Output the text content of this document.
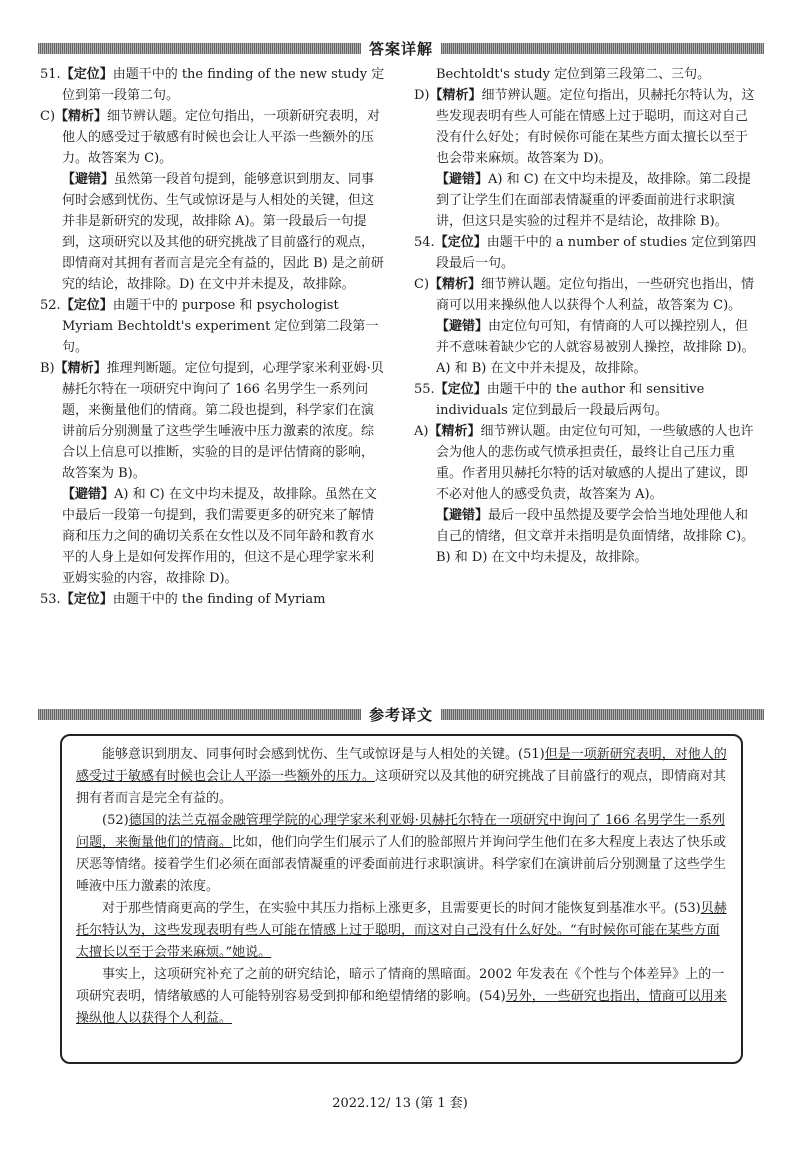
答案详解

51.【定位】由题干中的 the finding of the new study 定位到第一段第二句。

C)【精析】细节辨认题。定位句指出，一项新研究表明，对他人的感受过于敏感有时候也会让人平添一些额外的压力。故答案为 C)。

【避错】虽然第一段首句提到，能够意识到朋友、同事何时会感到忧伤、生气或惊讶是与人相处的关键，但这并非是新研究的发现，故排除 A)。第一段最后一句提到，这项研究以及其他的研究挑战了目前盛行的观点，即情商对其拥有者而言是完全有益的，因此 B) 是之前研究的结论，故排除。D) 在文中并未提及，故排除。

52.【定位】由题干中的 purpose 和 psychologist Myriam Bechtoldt's experiment 定位到第二段第一句。

B)【精析】推理判断题。定位句提到，心理学家米利亚姆·贝赫托尔特在一项研究中询问了 166 名男学生一系列问题，来衡量他们的情商。第二段也提到，科学家们在演讲前后分别测量了这些学生唾液中压力激素的浓度。综合以上信息可以推断，实验的目的是评估情商的影响，故答案为 B)。

【避错】A) 和 C) 在文中均未提及，故排除。虽然在文中最后一段第一句提到，我们需要更多的研究来了解情商和压力之间的确切关系在女性以及不同年龄和教育水平的人身上是如何发挥作用的，但这不是心理学家米利亚姆实验的内容，故排除 D)。

53.【定位】由题干中的 the finding of Myriam

Bechtoldt's study 定位到第三段第二、三句。

D)【精析】细节辨认题。定位句指出，贝赫托尔特认为，这些发现表明有些人可能在情感上过于聪明，而这对自己没有什么好处；有时候你可能在某些方面太擅长以至于也会带来麻烦。故答案为 D)。

【避错】A) 和 C) 在文中均未提及，故排除。第二段提到了让学生们在面部表情凝重的评委面前进行求职演讲，但这只是实验的过程并不是结论，故排除 B)。

54.【定位】由题干中的 a number of studies 定位到第四段最后一句。

C)【精析】细节辨认题。定位句指出，一些研究也指出，情商可以用来操纵他人以获得个人利益，故答案为 C)。

【避错】由定位句可知，有情商的人可以操控别人，但并不意味着缺少它的人就容易被别人操控，故排除 D)。A) 和 B) 在文中并未提及，故排除。

55.【定位】由题干中的 the author 和 sensitive individuals 定位到最后一段最后两句。

A)【精析】细节辨认题。由定位句可知，一些敏感的人也许会为他人的悲伤或气愤承担责任，最终让自己压力重重。作者用贝赫托尔特的话对敏感的人提出了建议，即不必对他人的感受负责，故答案为 A)。

【避错】最后一段中虽然提及要学会恰当地处理他人和自己的情绪，但文章并未指明是负面情绪，故排除 C)。B) 和 D) 在文中均未提及，故排除。

参考译文

能够意识到朋友、同事何时会感到忧伤、生气或惊讶是与人相处的关键。(51)但是一项新研究表明，对他人的感受过于敏感有时候也会让人平添一些额外的压力。这项研究以及其他的研究挑战了目前盛行的观点，即情商对其拥有者而言是完全有益的。

(52)德国的法兰克福金融管理学院的心理学家米利亚姆·贝赫托尔特在一项研究中询问了 166 名男学生一系列问题，来衡量他们的情商。比如，他们向学生们展示了人们的脸部照片并询问学生他们在多大程度上表达了快乐或厌恶等情绪。接着学生们必须在面部表情凝重的评委面前进行求职演讲。科学家们在演讲前后分别测量了这些学生唾液中压力激素的浓度。

对于那些情商更高的学生，在实验中其压力指标上涨更多，且需要更长的时间才能恢复到基准水平。(53)贝赫托尔特认为，这些发现表明有些人可能在情感上过于聪明，而这对自己没有什么好处。“有时候你可能在某些方面太擅长以至于会带来麻烦。”她说。

事实上，这项研究补充了之前的研究结论，暗示了情商的黑暗面。2002 年发表在《个性与个体差异》上的一项研究表明，情绪敏感的人可能特别容易受到抑郁和绝望情绪的影响。(54)另外，一些研究也指出，情商可以用来操纵他人以获得个人利益。

2022.12/ 13 (第 1 套)
